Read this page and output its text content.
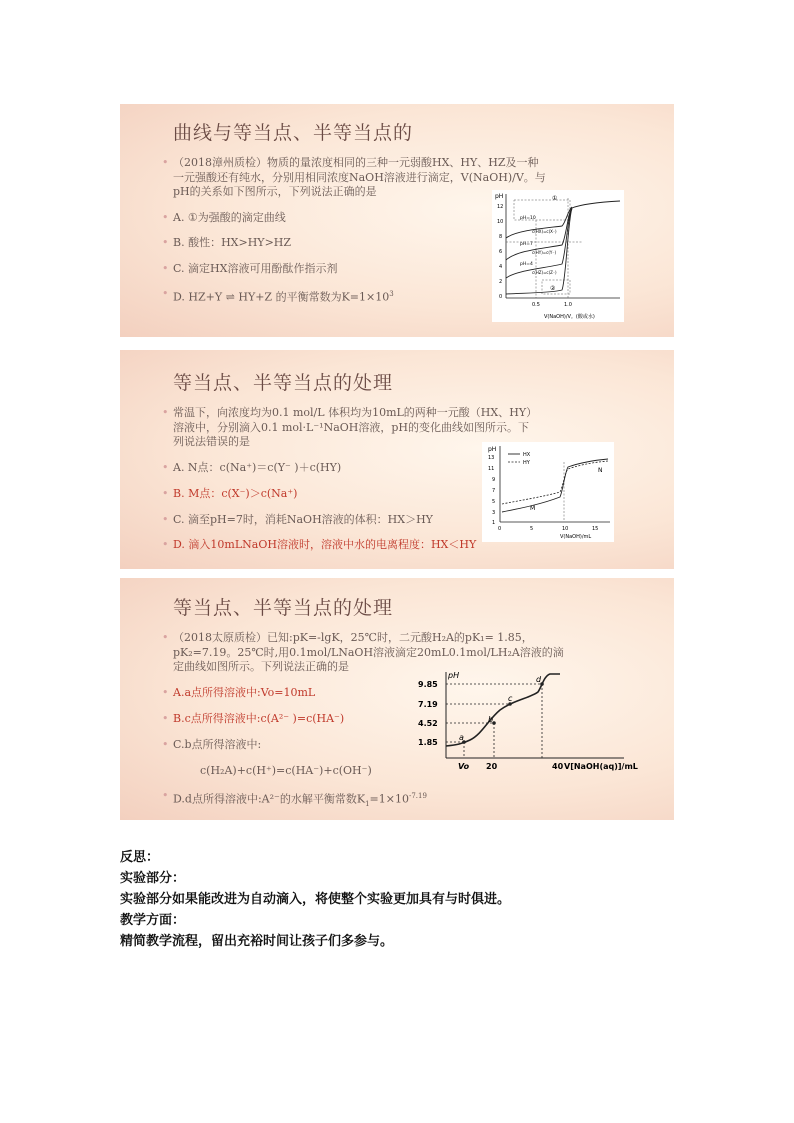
曲线与等当点、半等当点的
• （2018漳州质检）物质的量浓度相同的三种一元弱酸HX、HY、HZ及一种
一元强酸还有纯水，分别用相同浓度NaOH溶液进行滴定，V(NaOH)/V。与
pH的关系如下图所示，下列说法正确的是
• A. ①为强酸的滴定曲线
• B. 酸性：HX>HY>HZ
• C. 滴定HX溶液可用酚酞作指示剂
• D. HZ+Y ⇌ HY+Z 的平衡常数为$K=1\times 10^3$
pH
12
10
8
6
4
2
0
0.5	1.0
V(NaOH)/V。(酸或水)
①
②
pH=10
c(HX)=c(X⁻)
pH=7
c(HY)=c(Y⁻)
pH=4
c(HZ)=c(Z⁻)
等当点、半等当点的处理
• 常温下，向浓度均为0.1 mol/L 体积均为10mL的两种一元酸（HX、HY）
溶液中，分别滴入0.1 mol·L⁻¹NaOH溶液，pH的变化曲线如图所示。下
列说法错误的是
• A. N点：c(Na⁺)＝c(Y⁻ )＋c(HY)
• B. M点：c(X⁻)＞c(Na⁺)
• C. 滴至pH=7时，消耗NaOH溶液的体积：HX＞HY
• D. 滴入10mLNaOH溶液时，溶液中水的电离程度：HX＜HY
pH
13
11
9
7
5
3
1
0	5	10	15
V(NaOH)/mL
HX
HY
M
N
等当点、半等当点的处理
• （2018太原质检）已知:pK=-lgK，25℃时，二元酸H₂A的pK₁= 1.85，
pK₂=7.19。25℃时,用0.1mol/LNaOH溶液滴定20mL0.1mol/LH₂A溶液的滴
定曲线如图所示。下列说法正确的是
• A.a点所得溶液中:Vo=10mL
• B.c点所得溶液中:c(A²⁻ )=c(HA⁻)
• C.b点所得溶液中:
c(H₂A)+c(H⁺)=c(HA⁻)+c(OH⁻)
• D.d点所得溶液中:A²⁻的水解平衡常数$K_1=1\times 10^{-7.19}$
pH
9.85
7.19
4.52
1.85
Vo 20	40 V[NaOH(aq)]/mL
a
b
c
d
反思：
实验部分：
实验部分如果能改进为自动滴入，将使整个实验更加具有与时俱进。
教学方面：
精简教学流程，留出充裕时间让孩子们多参与。
